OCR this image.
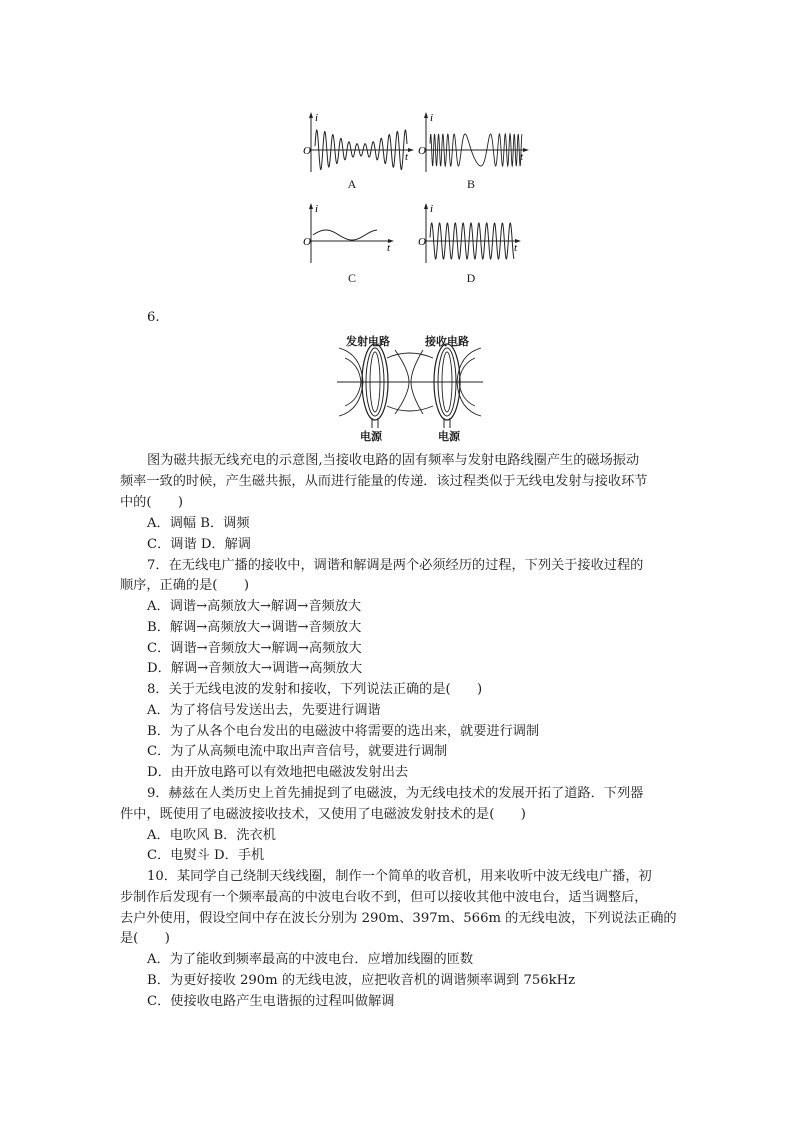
i
O	t
A
i
O	t
B
i
O	t
C
i
O	t
D
6.
发射电路	接收电路
电源	电源
图为磁共振无线充电的示意图,当接收电路的固有频率与发射电路线圈产生的磁场振动
频率一致的时候，产生磁共振，从而进行能量的传递．该过程类似于无线电发射与接收环节
中的(　　)
A．调幅 B．调频
C．调谐 D．解调
7．在无线电广播的接收中，调谐和解调是两个必须经历的过程，下列关于接收过程的
顺序，正确的是(　　)
A．调谐→高频放大→解调→音频放大
B．解调→高频放大→调谐→音频放大
C．调谐→音频放大→解调→高频放大
D．解调→音频放大→调谐→高频放大
8．关于无线电波的发射和接收，下列说法正确的是(　　)
A．为了将信号发送出去，先要进行调谐
B．为了从各个电台发出的电磁波中将需要的选出来，就要进行调制
C．为了从高频电流中取出声音信号，就要进行调制
D．由开放电路可以有效地把电磁波发射出去
9．赫兹在人类历史上首先捕捉到了电磁波，为无线电技术的发展开拓了道路．下列器
件中，既使用了电磁波接收技术，又使用了电磁波发射技术的是(　　)
A．电吹风 B．洗衣机
C．电熨斗 D．手机
10．某同学自己绕制天线线圈，制作一个简单的收音机，用来收听中波无线电广播，初
步制作后发现有一个频率最高的中波电台收不到，但可以接收其他中波电台，适当调整后，
去户外使用，假设空间中存在波长分别为 290m、397m、566m 的无线电波，下列说法正确的
是(　　)
A．为了能收到频率最高的中波电台．应增加线圈的匝数
B．为更好接收 290m 的无线电波，应把收音机的调谐频率调到 756kHz
C．使接收电路产生电谐振的过程叫做解调
